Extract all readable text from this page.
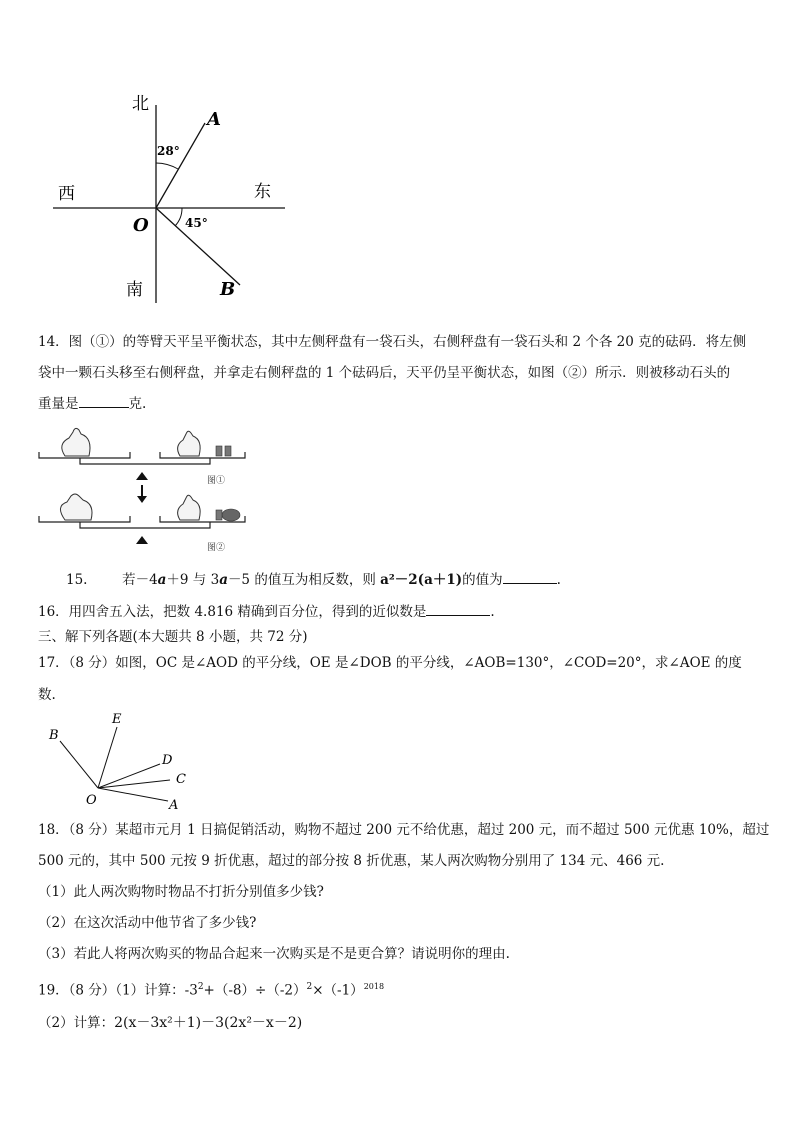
北
南
西	东
O
A
B
28°
45°
14．图（①）的等臂天平呈平衡状态，其中左侧秤盘有一袋石头，右侧秤盘有一袋石头和 2 个各 20 克的砝码．将左侧
袋中一颗石头移至右侧秤盘，并拿走右侧秤盘的 1 个砝码后，天平仍呈平衡状态，如图（②）所示．则被移动石头的
重量是	克.
图①
图②
15.	若－4a＋9 与 3a－5 的值互为相反数，则 a²－2(a＋1)的值为	.
16．用四舍五入法，把数 4.816 精确到百分位，得到的近似数是	.
三、解下列各题(本大题共 8 小题，共 72 分)
17．（8 分）如图，OC 是∠AOD 的平分线，OE 是∠DOB 的平分线，∠AOB=130°，∠COD=20°，求∠AOE 的度
数.
B
E
D
C
O	A
18．（8 分）某超市元月 1 日搞促销活动，购物不超过 200 元不给优惠，超过 200 元，而不超过 500 元优惠 10%，超过
500 元的，其中 500 元按 9 折优惠，超过的部分按 8 折优惠，某人两次购物分别用了 134 元、466 元.
（1）此人两次购物时物品不打折分别值多少钱?
（2）在这次活动中他节省了多少钱?
（3）若此人将两次购买的物品合起来一次购买是不是更合算？请说明你的理由.
19．（8 分）（1）计算：$-3^2+(-8)\div(-2)^2\times(-1)^{2018}$
（2）计算：2(x－3x²＋1)－3(2x²－x－2)
